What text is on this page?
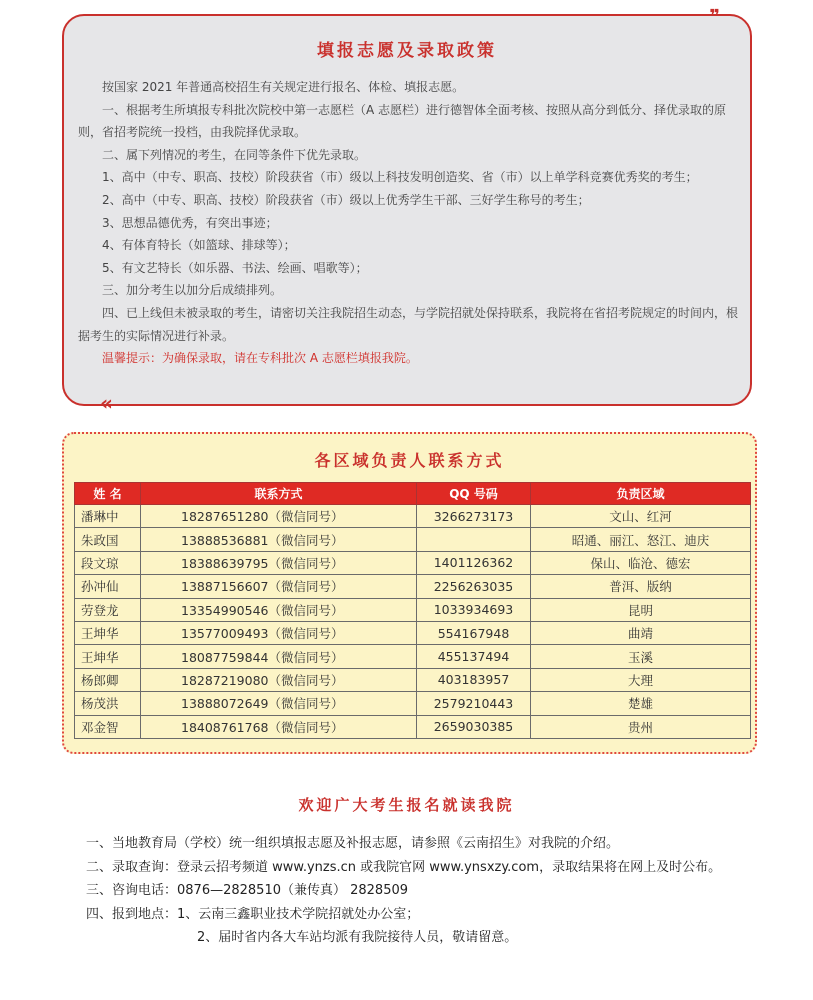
❞
填报志愿及录取政策

按国家 2021 年普通高校招生有关规定进行报名、体检、填报志愿。

一、根据考生所填报专科批次院校中第一志愿栏（A 志愿栏）进行德智体全面考核、按照从高分到低分、择优录取的原则，省招考院统一投档，由我院择优录取。

二、属下列情况的考生，在同等条件下优先录取。

1、高中（中专、职高、技校）阶段获省（市）级以上科技发明创造奖、省（市）以上单学科竞赛优秀奖的考生；

2、高中（中专、职高、技校）阶段获省（市）级以上优秀学生干部、三好学生称号的考生；

3、思想品德优秀，有突出事迹；

4、有体育特长（如篮球、排球等）；

5、有文艺特长（如乐器、书法、绘画、唱歌等）；

三、加分考生以加分后成绩排列。

四、已上线但未被录取的考生，请密切关注我院招生动态，与学院招就处保持联系，我院将在省招考院规定的时间内，根据考生的实际情况进行补录。

温馨提示：为确保录取，请在专科批次 A 志愿栏填报我院。

«
各区域负责人联系方式
姓 名	联系方式	QQ 号码	负责区域
潘琳中	18287651280（微信同号）	3266273173	文山、红河
朱政国	13888536881（微信同号）		昭通、丽江、怒江、迪庆
段文琼	18388639795（微信同号）	1401126362	保山、临沧、德宏
孙冲仙	13887156607（微信同号）	2256263035	普洱、版纳
劳登龙	13354990546（微信同号）	1033934693	昆明
王坤华	13577009493（微信同号）	554167948	曲靖
王坤华	18087759844（微信同号）	455137494	玉溪
杨郎卿	18287219080（微信同号）	403183957	大理
杨茂洪	13888072649（微信同号）	2579210443	楚雄
邓金智	18408761768（微信同号）	2659030385	贵州
欢迎广大考生报名就读我院

一、当地教育局（学校）统一组织填报志愿及补报志愿，请参照《云南招生》对我院的介绍。

二、录取查询：登录云招考频道 www.ynzs.cn 或我院官网 www.ynsxzy.com，录取结果将在网上及时公布。

三、咨询电话：0876—2828510（兼传真） 2828509

四、报到地点：1、云南三鑫职业技术学院招就处办公室；

2、届时省内各大车站均派有我院接待人员，敬请留意。
